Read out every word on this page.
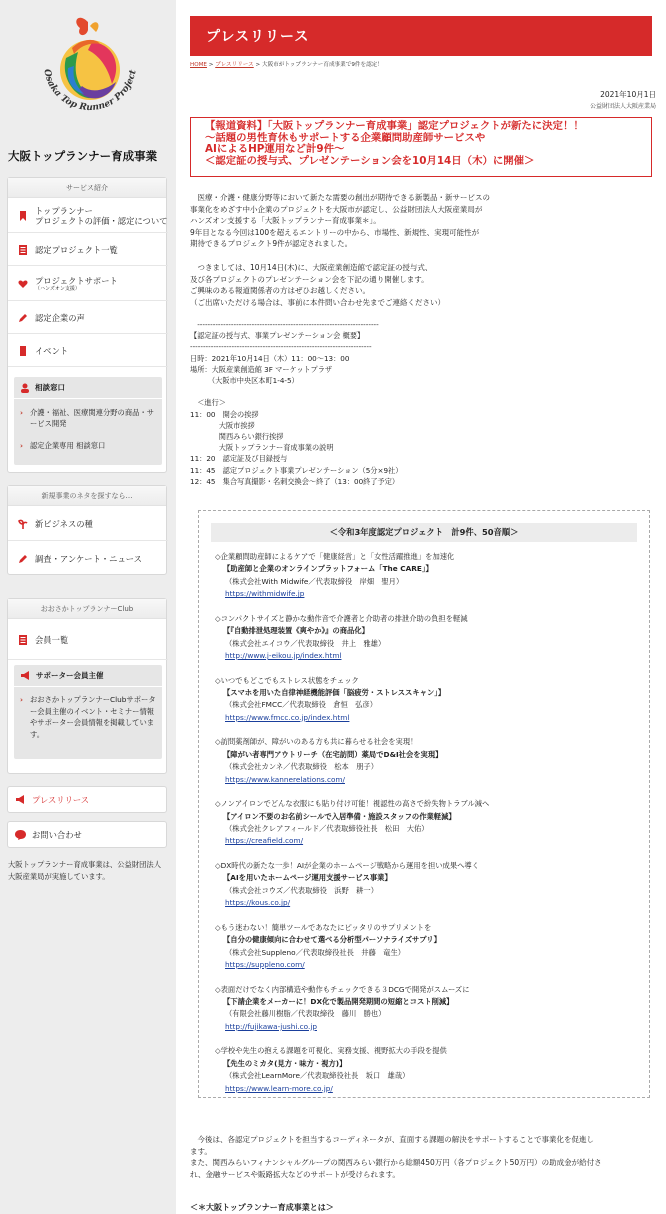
Osaka Top Runner Project
大阪トップランナー育成事業
サービス紹介
トップランナー
プロジェクトの評価・認定について
認定プロジェクト一覧
プロジェクトサポート
（ハンズオン支援）
認定企業の声
イベント
相談窓口
› 介護・福祉、医療関連分野の商品・サービス開発
› 認定企業専用 相談窓口
新規事業のネタを探すなら…
新ビジネスの種
調査・アンケート・ニュース
おおさかトップランナーClub
会員一覧
サポーター会員主催
› おおさかトップランナーClubサポーター会員主催のイベント・セミナー情報やサポーター会員情報を掲載しています。
プレスリリース
お問い合わせ
大阪トップランナー育成事業は、公益財団法人大阪産業局が実施しています。
プレスリリース
HOME > プレスリリース > 大阪市がトップランナー育成事業で9件を認定！
2021年10月1日
公益財団法人大阪産業局
【報道資料】「大阪トップランナー育成事業」認定プロジェクトが新たに決定！！
〜話題の男性育休もサポートする企業顧問助産師サービスや
AIによるHP運用など計9件〜
＜認定証の授与式、プレゼンテーション会を10月14日（木）に開催＞
　医療・介護・健康分野等において新たな需要の創出が期待できる新製品・新サービスの
事業化をめざす中小企業のプロジェクトを大阪市が認定し、公益財団法人大阪産業局が
ハンズオン支援する「大阪トップランナー育成事業＊」。
9年目となる今回は100を超えるエントリーの中から、市場性、新規性、実現可能性が
期待できるプロジェクト9件が認定されました。
　つきましては、10月14日(木)に、大阪産業創造館で認定証の授与式、
及び各プロジェクトのプレゼンテーション会を下記の通り開催します。
ご興味のある報道関係者の方はぜひお越しください。
（ご出席いただける場合は、事前に本件問い合わせ先までご連絡ください）
　----------------------------------------------------------------------
【認定証の授与式、事業プレゼンテーション会 概要】
----------------------------------------------------------------------
日時：2021年10月14日（木）11：00〜13：00
場所：大阪産業創造館 3F マーケットプラザ
　　　（大阪市中央区本町1-4-5）

　＜進行＞
11：00　開会の挨拶
　　　　大阪市挨拶
　　　　関西みらい銀行挨拶
　　　　大阪トップランナー育成事業の説明
11：20　認定証及び目録授与
11：45　認定プロジェクト事業プレゼンテーション（5分×9社）
12：45　集合写真撮影・名刺交換会〜終了（13：00終了予定）
＜令和3年度認定プロジェクト　計9件、50音順＞
◇企業顧問助産師によるケアで「健康経営」と「女性活躍推進」を加速化
【助産師と企業のオンラインプラットフォーム「The CARE」】
（株式会社With Midwife／代表取締役　岸畑　聖月）
https://withmidwife.jp
◇コンパクトサイズと静かな動作音で介護者と介助者の排泄介助の負担を軽減
【『自動排泄処理装置《爽やか》』の商品化】
（株式会社エイコウ／代表取締役　井上　雅雄）
http://www.j-eikou.jp/index.html
◇いつでもどこでもストレス状態をチェック
【スマホを用いた自律神経機能評価「脳疲労・ストレススキャン」】
（株式会社FMCC／代表取締役　倉恒　弘彦）
https://www.fmcc.co.jp/index.html
◇訪問薬剤師が、障がいのある方も共に暮らせる社会を実現！
【障がい者専門アウトリーチ（在宅訪問）薬局でD&I社会を実現】
（株式会社カンネ／代表取締役　松本　朋子）
https://www.kannerelations.com/
◇ノンアイロンでどんな衣服にも貼り付け可能！視認性の高さで紛失物トラブル減へ
【アイロン不要のお名前シールで入居準備・施設スタッフの作業軽減】
（株式会社クレアフィールド／代表取締役社長　松田　大佑）
https://creafield.com/
◇DX時代の新たな一歩！AIが企業のホームページ戦略から運用を担い成果へ導く
【AIを用いたホームページ運用支援サービス事業】
（株式会社コウズ／代表取締役　浜野　耕一）
https://kous.co.jp/
◇もう迷わない！簡単ツールであなたにピッタリのサプリメントを
【自分の健康傾向に合わせて選べる分析型パーソナライズサプリ】
（株式会社Suppleno／代表取締役社長　井藤　竜生）
https://suppleno.com/
◇表面だけでなく内部構造や動作もチェックできる３DCGで開発がスムーズに
【下請企業をメーカーに！DX化で製品開発期間の短縮とコスト削減】
（有限会社藤川樹脂／代表取締役　藤川　勝也）
http://fujikawa-jushi.co.jp
◇学校や先生の抱える課題を可視化、実務支援、視野拡大の手段を提供
【先生のミカタ(見方・味方・視方)】
（株式会社LearnMore／代表取締役社長　坂口　雄哉）
https://www.learn-more.co.jp/
　今後は、各認定プロジェクトを担当するコーディネータが、直面する課題の解決をサポートすることで事業化を促進し
ます。
また、関西みらいフィナンシャルグループの関西みらい銀行から総額450万円（各プロジェクト50万円）の助成金が給付さ
れ、金融サービスや販路拡大などのサポートが受けられます。
＜＊大阪トップランナー育成事業とは＞
